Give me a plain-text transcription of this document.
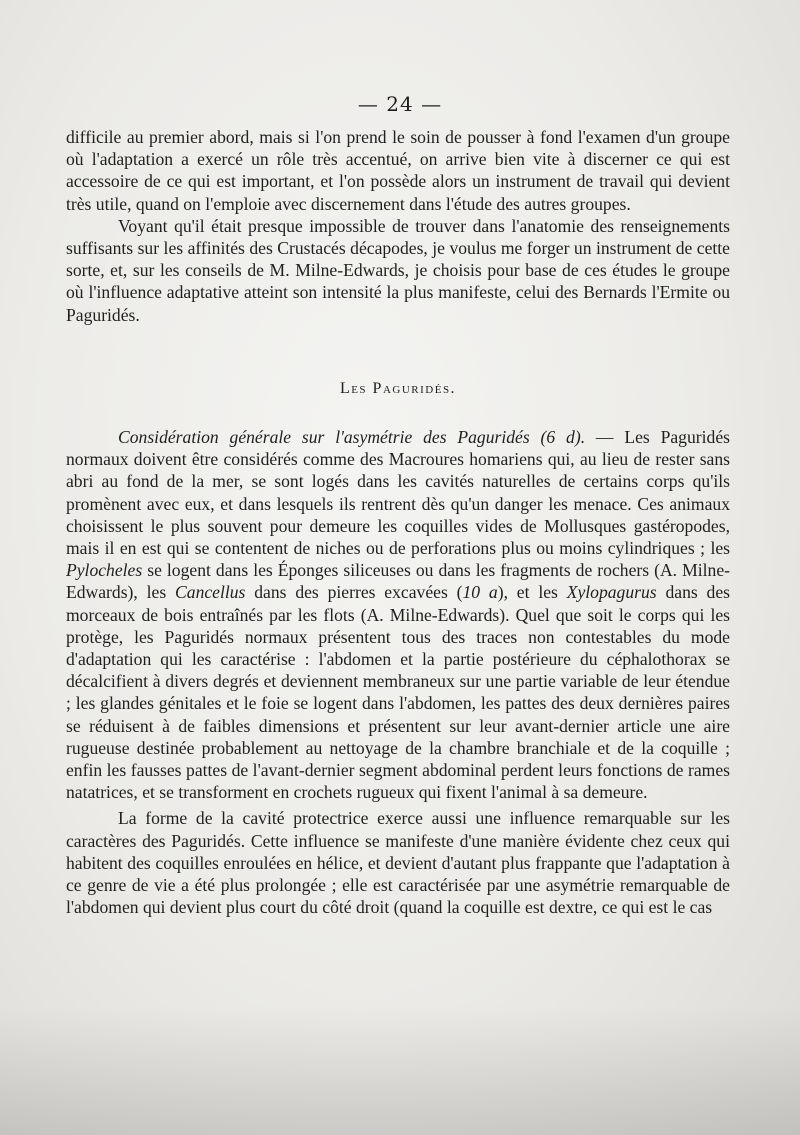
— 24 —

difficile au premier abord, mais si l'on prend le soin de pousser à fond l'examen d'un groupe où l'adaptation a exercé un rôle très accentué, on arrive bien vite à discerner ce qui est accessoire de ce qui est important, et l'on possède alors un instrument de travail qui devient très utile, quand on l'emploie avec discernement dans l'étude des autres groupes.

Voyant qu'il était presque impossible de trouver dans l'anatomie des renseignements suffisants sur les affinités des Crustacés décapodes, je voulus me forger un instrument de cette sorte, et, sur les conseils de M. Milne-Edwards, je choisis pour base de ces études le groupe où l'influence adaptative atteint son intensité la plus manifeste, celui des Bernards l'Ermite ou Paguridés.

Les Paguridés.

Considération générale sur l'asymétrie des Paguridés (6 d). — Les Paguridés normaux doivent être considérés comme des Macroures homariens qui, au lieu de rester sans abri au fond de la mer, se sont logés dans les cavités naturelles de certains corps qu'ils promènent avec eux, et dans lesquels ils rentrent dès qu'un danger les menace. Ces animaux choisissent le plus souvent pour demeure les coquilles vides de Mollusques gastéropodes, mais il en est qui se contentent de niches ou de perforations plus ou moins cylindriques ; les Pylocheles se logent dans les Éponges siliceuses ou dans les fragments de rochers (A. Milne-Edwards), les Cancellus dans des pierres excavées (10 a), et les Xylopagurus dans des morceaux de bois entraînés par les flots (A. Milne-Edwards). Quel que soit le corps qui les protège, les Paguridés normaux présentent tous des traces non contestables du mode d'adaptation qui les caractérise : l'abdomen et la partie postérieure du céphalothorax se décalcifient à divers degrés et deviennent membraneux sur une partie variable de leur étendue ; les glandes génitales et le foie se logent dans l'abdomen, les pattes des deux dernières paires se réduisent à de faibles dimensions et présentent sur leur avant-dernier article une aire rugueuse destinée probablement au nettoyage de la chambre branchiale et de la coquille ; enfin les fausses pattes de l'avant-dernier segment abdominal perdent leurs fonctions de rames natatrices, et se transforment en crochets rugueux qui fixent l'animal à sa demeure.

La forme de la cavité protectrice exerce aussi une influence remarquable sur les caractères des Paguridés. Cette influence se manifeste d'une manière évidente chez ceux qui habitent des coquilles enroulées en hélice, et devient d'autant plus frappante que l'adaptation à ce genre de vie a été plus prolongée ; elle est caractérisée par une asymétrie remarquable de l'abdomen qui devient plus court du côté droit (quand la coquille est dextre, ce qui est le cas
